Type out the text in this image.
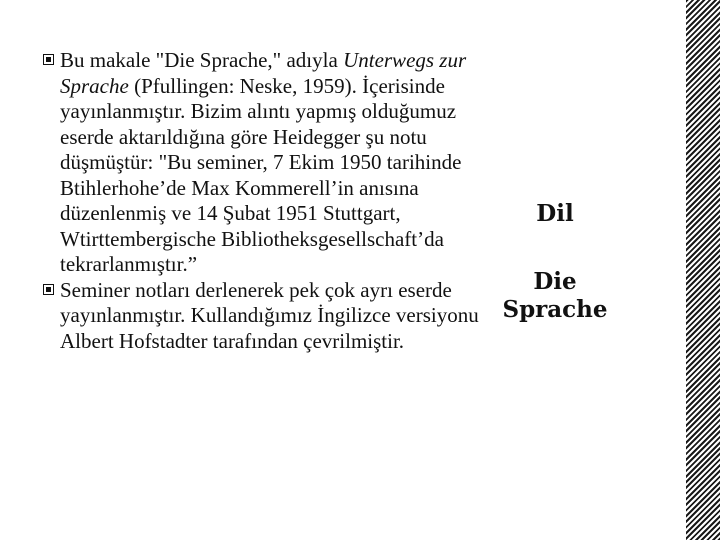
Bu makale "Die Sprache," adıyla Unterwegs zur Sprache (Pfullingen: Neske, 1959). İçerisinde yayınlanmıştır. Bizim alıntı yapmış olduğumuz eserde aktarıldığına göre Heidegger şu notu düşmüştür: "Bu seminer, 7 Ekim 1950 tarihinde Btihlerhohe’de Max Kommerell’in anısına düzenlenmiş ve 14 Şubat 1951 Stuttgart, Wtirttembergische Bibliotheksgesellschaft’da tekrarlanmıştır.”

Seminer notları derlenerek pek çok ayrı eserde yayınlanmıştır. Kullandığımız İngilizce versiyonu Albert Hofstadter tarafından çevrilmiştir.

Dil
Die
Sprache
